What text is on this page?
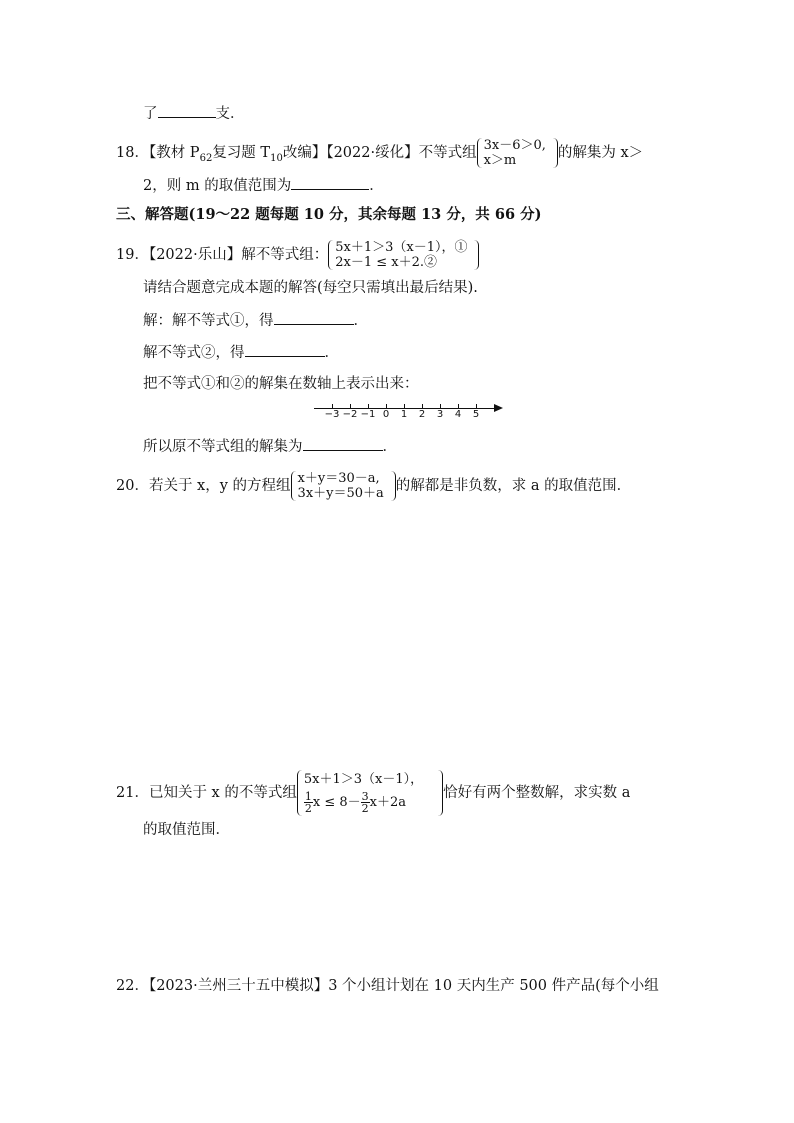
了	支．
18．【教材 $P_{62}$复习题 $T_{10}$改编】【2022·绥化】不等式组 3x－6＞0,
x＞m	的解集为 x＞
2，则 m 的取值范围为	．
三、解答题(19～22 题每题 10 分，其余每题 13 分，共 66 分)
19．【2022·乐山】解不等式组： 5x＋1＞3（x－1），①
2x－1 ≤ x＋2.②
请结合题意完成本题的解答(每空只需填出最后结果).
解：解不等式①，得	．
解不等式②，得	．
把不等式①和②的解集在数轴上表示出来：
−3 −2 −1 0	1	2	3	4	5
所以原不等式组的解集为	．
20．若关于 x，y 的方程组 x＋y＝30－a,
3x＋y＝50＋a 的解都是非负数，求 a 的取值范围．
21．已知关于 x 的不等式组
5x＋1＞3（x－1），
$\frac{1}{2}$ $x \le 8- \frac{3}{2} x+2a$
恰好有两个整数解，求实数 a
的取值范围．
22．【2023·兰州三十五中模拟】3 个小组计划在 10 天内生产 500 件产品(每个小组
